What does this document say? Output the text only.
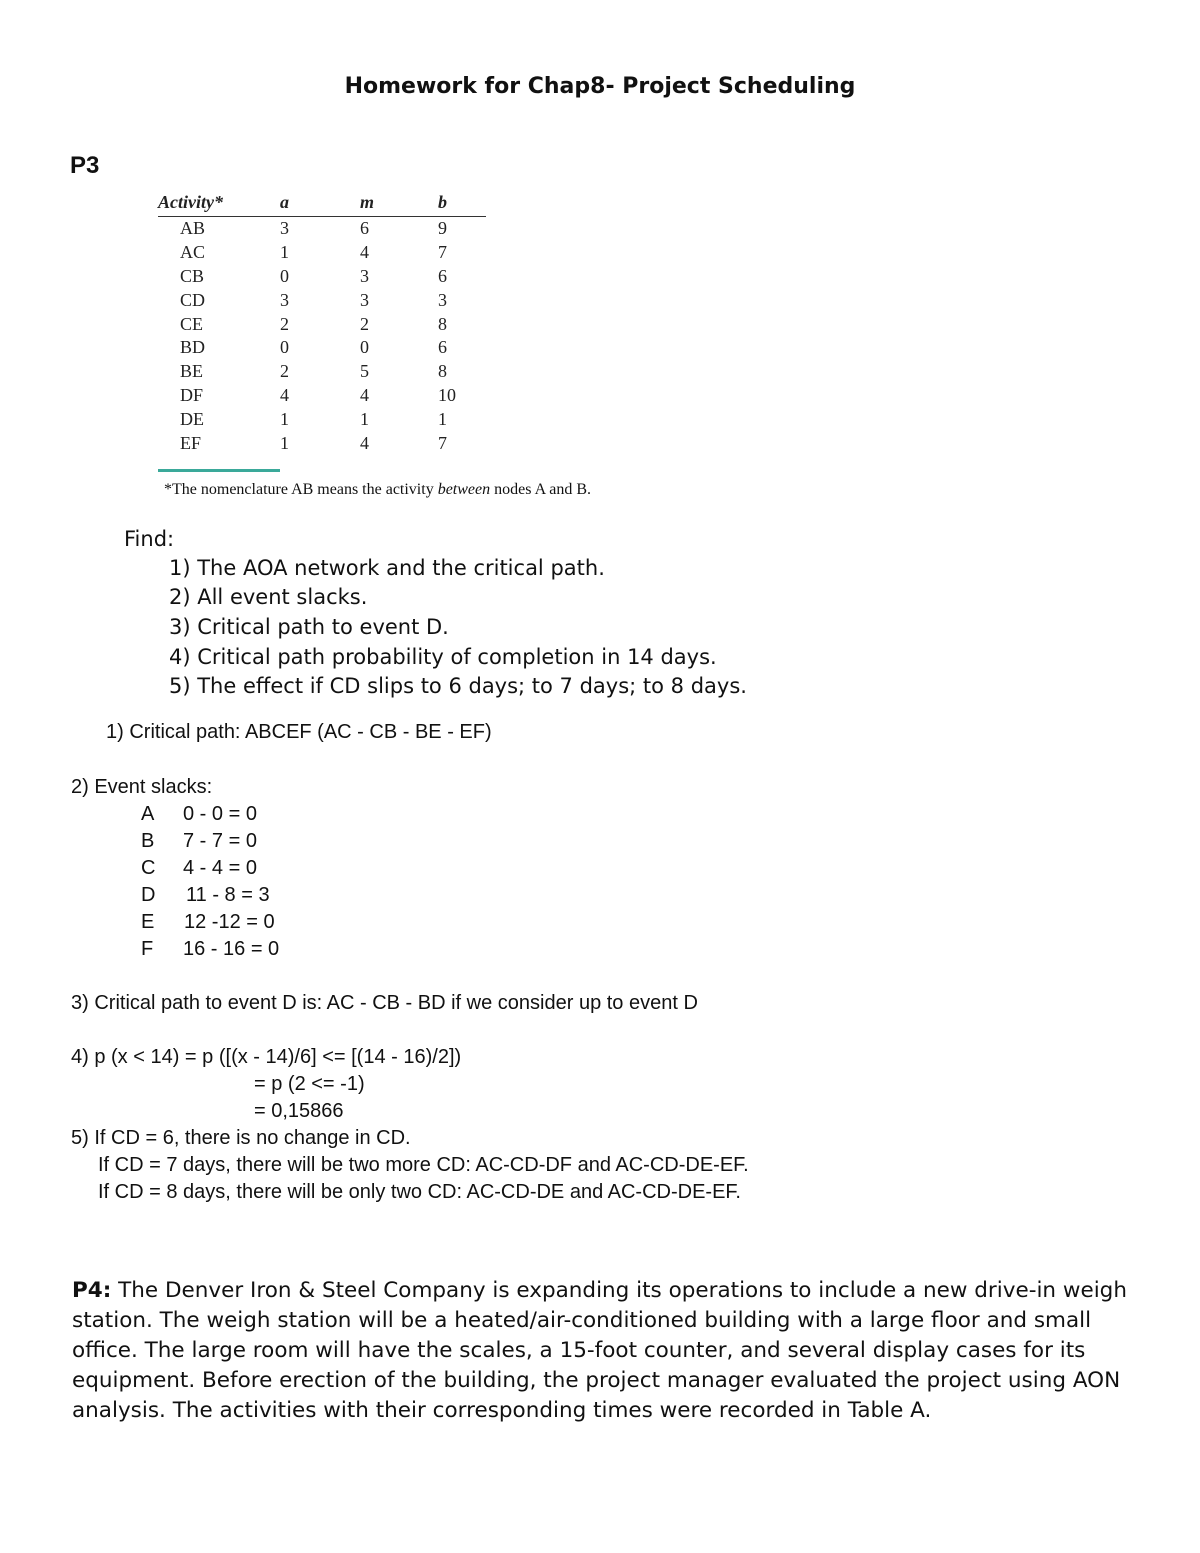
Homework for Chap8- Project Scheduling
P3
Activity*	a	m	b
AB	3	6	9
AC	1	4	7
CB	0	3	6
CD	3	3	3
CE	2	2	8
BD	0	0	6
BE	2	5	8
DF	4	4	10
DE	1	1	1
EF	1	4	7
*The nomenclature AB means the activity between nodes A and B.
Find:
1) The AOA network and the critical path.
2) All event slacks.
3) Critical path to event D.
4) Critical path probability of completion in 14 days.
5) The effect if CD slips to 6 days; to 7 days; to 8 days.
1) Critical path: ABCEF (AC - CB - BE - EF)
2) Event slacks:
A 0 - 0 = 0
B 7 - 7 = 0
C 4 - 4 = 0
D 11 - 8 = 3
E 12 -12 = 0
F 16 - 16 = 0
3) Critical path to event D is: AC - CB - BD if we consider up to event D
4) p (x < 14) = p ([(x - 14)/6] <= [(14 - 16)/2])
= p (2 <= -1)
= 0,15866
5) If CD = 6, there is no change in CD.
If CD = 7 days, there will be two more CD: AC-CD-DF and AC-CD-DE-EF.
If CD = 8 days, there will be only two CD: AC-CD-DE and AC-CD-DE-EF.
P4: The Denver Iron & Steel Company is expanding its operations to include a new drive-in weigh station. The weigh station will be a heated/air-conditioned building with a large floor and small office. The large room will have the scales, a 15-foot counter, and several display cases for its equipment. Before erection of the building, the project manager evaluated the project using AON analysis. The activities with their corresponding times were recorded in Table A.
